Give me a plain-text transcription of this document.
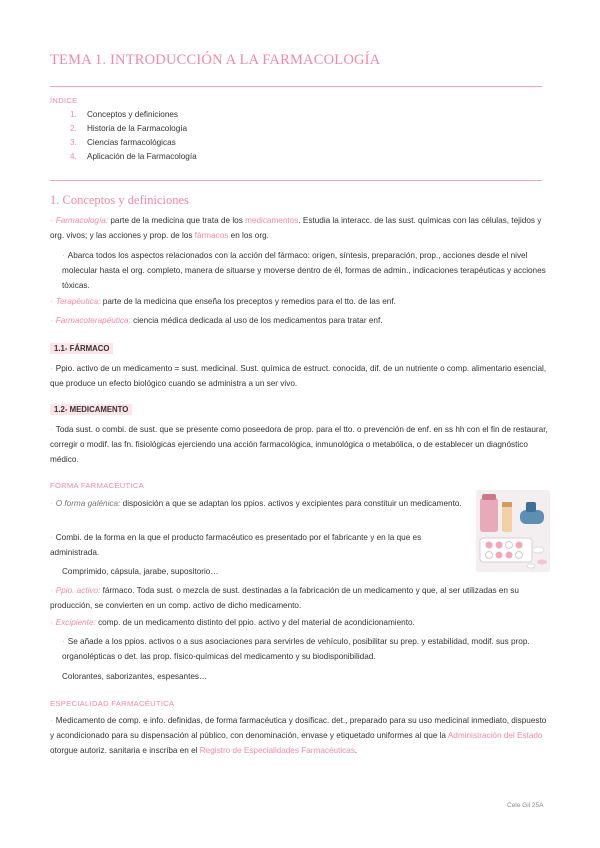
TEMA 1. INTRODUCCIÓN A LA FARMACOLOGÍA
ÍNDICE
1. Conceptos y definiciones
2. Historia de la Farmacología
3. Ciencias farmacológicas
4. Aplicación de la Farmacología
1. Conceptos y definiciones
· Farmacología: parte de la medicina que trata de los medicamentos. Estudia la interacc. de las sust. químicas con las células, tejidos y org. vivos; y las acciones y prop. de los fármacos en los org.
· Abarca todos los aspectos relacionados con la acción del fármaco: origen, síntesis, preparación, prop., acciones desde el nivel molecular hasta el org. completo, manera de situarse y moverse dentro de él, formas de admin., indicaciones terapéuticas y acciones tóxicas.
· Terapéutica: parte de la medicina que enseña los preceptos y remedios para el tto. de las enf.
· Farmacoterapéutica: ciencia médica dedicada al uso de los medicamentos para tratar enf.
1.1- FÁRMACO
· Ppio. activo de un medicamento = sust. medicinal. Sust. química de estruct. conocida, dif. de un nutriente o comp. alimentario esencial, que produce un efecto biológico cuando se administra a un ser vivo.
1.2- MEDICAMENTO
· Toda sust. o combi. de sust. que se presente como poseedora de prop. para el tto. o prevención de enf. en ss hh con el fin de restaurar, corregir o modif. las fn. fisiológicas ejerciendo una acción farmacológica, inmunológica o metabólica, o de establecer un diagnóstico médico.
FORMA FARMACÉUTICA
· O forma galénica: disposición a que se adaptan los ppios. activos y excipientes para constituir un medicamento.
· Combi. de la forma en la que el producto farmacéutico es presentado por el fabricante y en la que es administrada.
Comprimido, cápsula, jarabe, supositorio…
· Ppio. activo: fármaco. Toda sust. o mezcla de sust. destinadas a la fabricación de un medicamento y que, al ser utilizadas en su producción, se convierten en un comp. activo de dicho medicamento.
· Excipiente: comp. de un medicamento distinto del ppio. activo y del material de acondicionamiento.
· Se añade a los ppios. activos o a sus asociaciones para servirles de vehículo, posibilitar su prep. y estabilidad, modif. sus prop. organolépticas o det. las prop. físico-químicas del medicamento y su biodisponibilidad.
Colorantes, saborizantes, espesantes…
ESPECIALIDAD FARMACÉUTICA
· Medicamento de comp. e info. definidas, de forma farmacéutica y dosificac. det., preparado para su uso medicinal inmediato, dispuesto y acondicionado para su dispensación al público, con denominación, envase y etiquetado uniformes al que la Administración del Estado otorgue autoriz. sanitaria e inscriba en el Registro de Especialidades Farmacéuticas.
Cele Gil 25A
